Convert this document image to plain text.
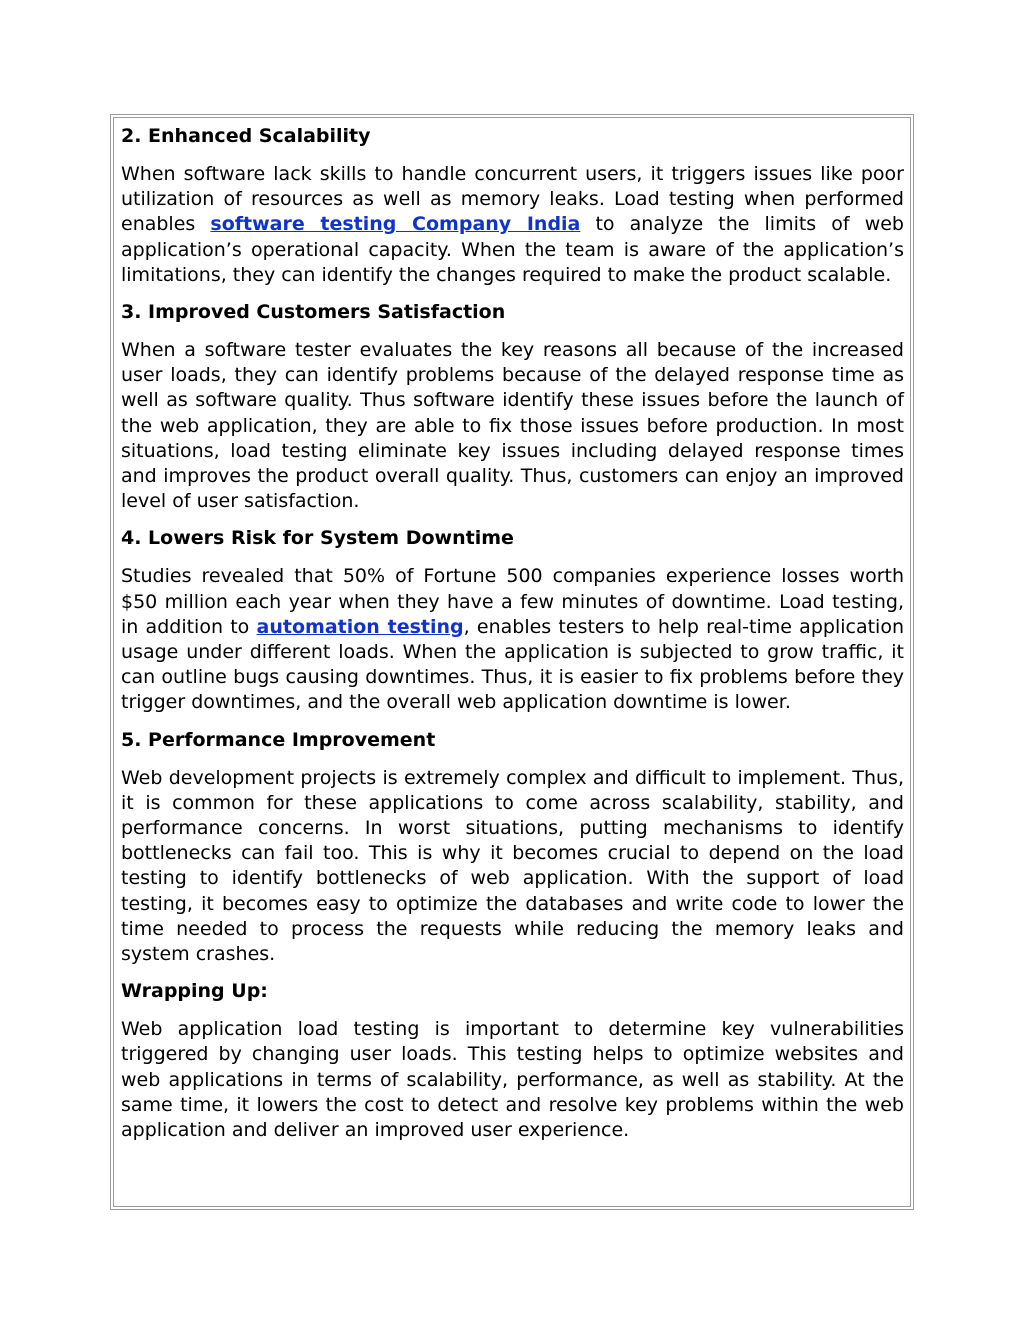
2. Enhanced Scalability

When software lack skills to handle concurrent users, it triggers issues like poor utilization of resources as well as memory leaks. Load testing when performed enables software testing Company India to analyze the limits of web application’s operational capacity. When the team is aware of the application’s limitations, they can identify the changes required to make the product scalable.

3. Improved Customers Satisfaction

When a software tester evaluates the key reasons all because of the increased user loads, they can identify problems because of the delayed response time as well as software quality. Thus software identify these issues before the launch of the web application, they are able to fix those issues before production. In most situations, load testing eliminate key issues including delayed response times and improves the product overall quality. Thus, customers can enjoy an improved level of user satisfaction.

4. Lowers Risk for System Downtime

Studies revealed that 50% of Fortune 500 companies experience losses worth $50 million each year when they have a few minutes of downtime. Load testing, in addition to automation testing, enables testers to help real-time application usage under different loads. When the application is subjected to grow traffic, it can outline bugs causing downtimes. Thus, it is easier to fix problems before they trigger downtimes, and the overall web application downtime is lower.

5. Performance Improvement

Web development projects is extremely complex and difficult to implement. Thus, it is common for these applications to come across scalability, stability, and performance concerns. In worst situations, putting mechanisms to identify bottlenecks can fail too. This is why it becomes crucial to depend on the load testing to identify bottlenecks of web application. With the support of load testing, it becomes easy to optimize the databases and write code to lower the time needed to process the requests while reducing the memory leaks and system crashes.

Wrapping Up:

Web application load testing is important to determine key vulnerabilities triggered by changing user loads. This testing helps to optimize websites and web applications in terms of scalability, performance, as well as stability. At the same time, it lowers the cost to detect and resolve key problems within the web application and deliver an improved user experience.
